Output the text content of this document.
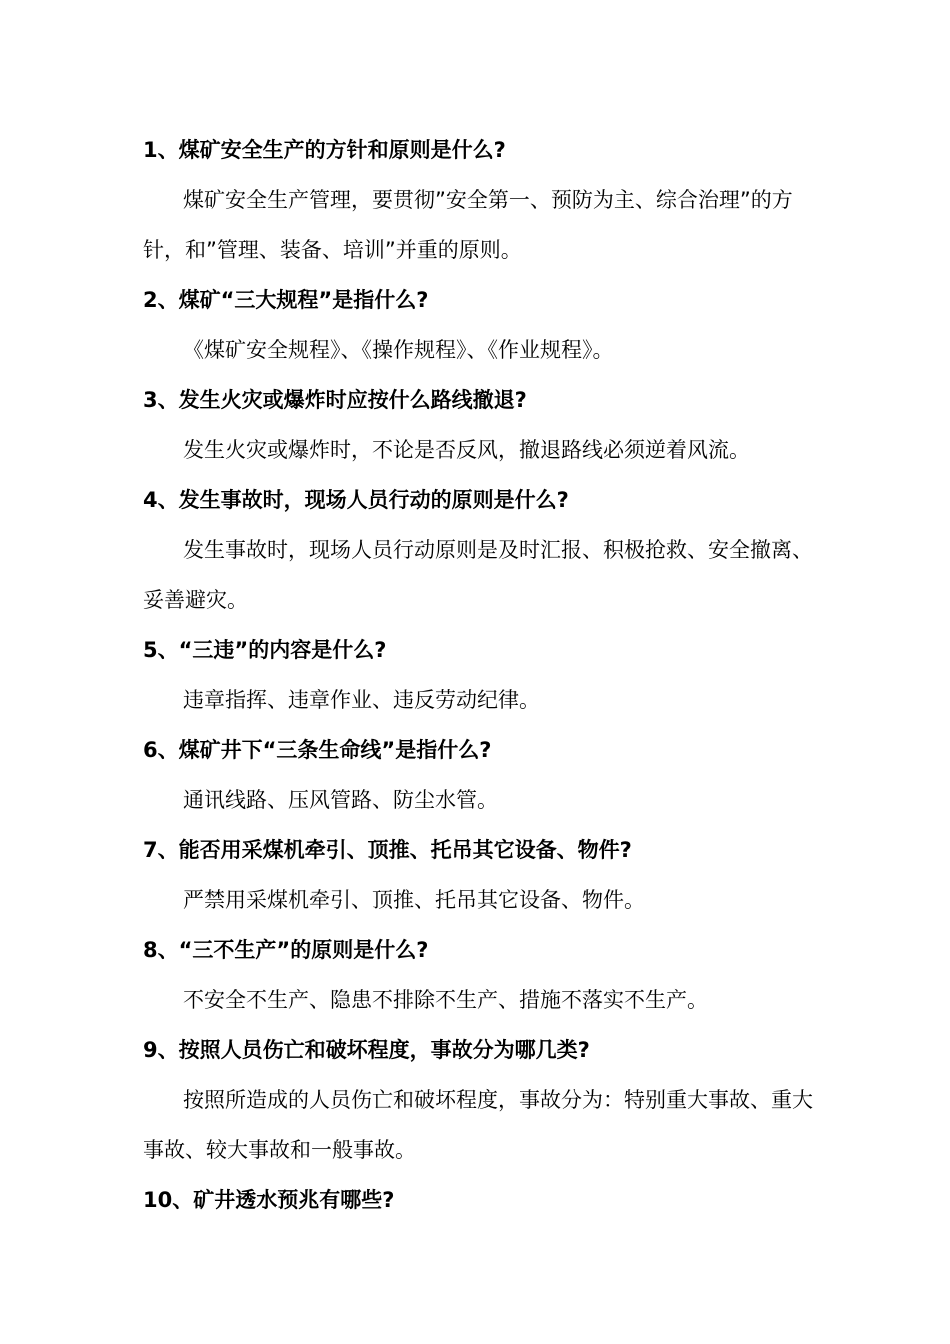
1、煤矿安全生产的方针和原则是什么?

煤矿安全生产管理，要贯彻”安全第一、预防为主、综合治理”的方针，和”管理、装备、培训”并重的原则。

2、煤矿“三大规程”是指什么?

《煤矿安全规程》、《操作规程》、《作业规程》。

3、发生火灾或爆炸时应按什么路线撤退?

发生火灾或爆炸时，不论是否反风，撤退路线必须逆着风流。

4、发生事故时，现场人员行动的原则是什么?

发生事故时，现场人员行动原则是及时汇报、积极抢救、安全撤离、妥善避灾。

5、“三违”的内容是什么?

违章指挥、违章作业、违反劳动纪律。

6、煤矿井下“三条生命线”是指什么?

通讯线路、压风管路、防尘水管。

7、能否用采煤机牵引、顶推、托吊其它设备、物件?

严禁用采煤机牵引、顶推、托吊其它设备、物件。

8、“三不生产”的原则是什么?

不安全不生产、隐患不排除不生产、措施不落实不生产。

9、按照人员伤亡和破坏程度，事故分为哪几类?

按照所造成的人员伤亡和破坏程度，事故分为：特别重大事故、重大事故、较大事故和一般事故。

10、矿井透水预兆有哪些?
